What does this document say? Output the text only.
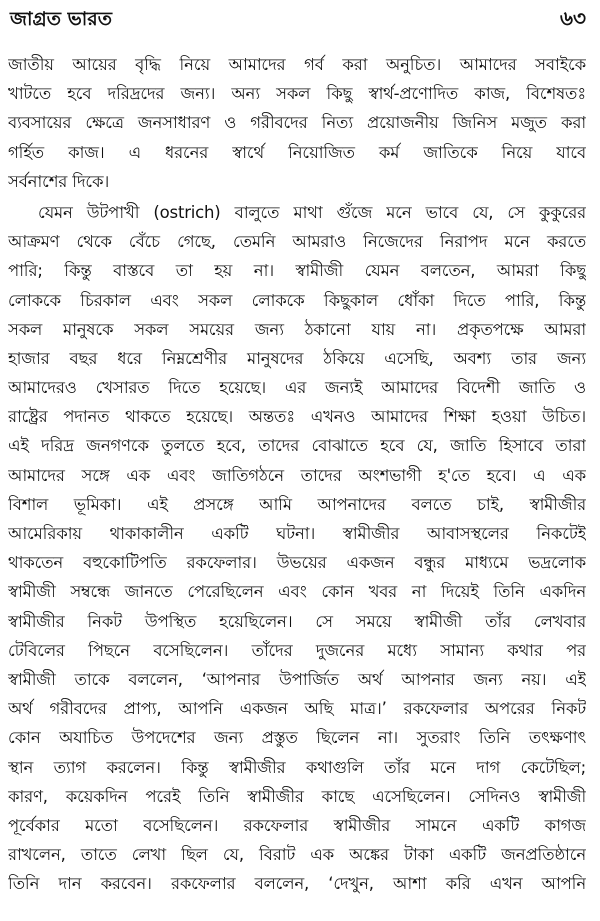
জাগ্রত ভারত	৬৩
জাতীয় আয়ের বৃদ্ধি নিয়ে আমাদের গর্ব করা অনুচিত। আমাদের সবাইকে
খাটতে হবে দরিদ্রদের জন্য। অন্য সকল কিছু স্বার্থ-প্রণোদিত কাজ, বিশেষতঃ
ব্যবসায়ের ক্ষেত্রে জনসাধারণ ও গরীবদের নিত্য প্রয়োজনীয় জিনিস মজুত করা
গর্হিত কাজ। এ ধরনের স্বার্থে নিয়োজিত কর্ম জাতিকে নিয়ে যাবে
সর্বনাশের দিকে।
যেমন উটপাখী (ostrich) বালুতে মাথা গুঁজে মনে ভাবে যে, সে কুকুরের
আক্রমণ থেকে বেঁচে গেছে, তেমনি আমরাও নিজেদের নিরাপদ মনে করতে
পারি; কিন্তু বাস্তবে তা হয় না। স্বামীজী যেমন বলতেন, আমরা কিছু
লোককে চিরকাল এবং সকল লোককে কিছুকাল ধোঁকা দিতে পারি, কিন্তু
সকল মানুষকে সকল সময়ের জন্য ঠকানো যায় না। প্রকৃতপক্ষে আমরা
হাজার বছর ধরে নিম্নশ্রেণীর মানুষদের ঠকিয়ে এসেছি, অবশ্য তার জন্য
আমাদেরও খেসারত দিতে হয়েছে। এর জন্যই আমাদের বিদেশী জাতি ও
রাষ্ট্রের পদানত থাকতে হয়েছে। অন্ততঃ এখনও আমাদের শিক্ষা হওয়া উচিত।
এই দরিদ্র জনগণকে তুলতে হবে, তাদের বোঝাতে হবে যে, জাতি হিসাবে তারা
আমাদের সঙ্গে এক এবং জাতিগঠনে তাদের অংশভাগী হ'তে হবে। এ এক
বিশাল ভূমিকা। এই প্রসঙ্গে আমি আপনাদের বলতে চাই, স্বামীজীর
আমেরিকায় থাকাকালীন একটি ঘটনা। স্বামীজীর আবাসস্থলের নিকটেই
থাকতেন বহুকোটিপতি রকফেলার। উভয়ের একজন বন্ধুর মাধ্যমে ভদ্রলোক
স্বামীজী সম্বন্ধে জানতে পেরেছিলেন এবং কোন খবর না দিয়েই তিনি একদিন
স্বামীজীর নিকট উপস্থিত হয়েছিলেন। সে সময়ে স্বামীজী তাঁর লেখবার
টেবিলের পিছনে বসেছিলেন। তাঁদের দুজনের মধ্যে সামান্য কথার পর
স্বামীজী তাকে বললেন, ‘আপনার উপার্জিত অর্থ আপনার জন্য নয়। এই
অর্থ গরীবদের প্রাপ্য, আপনি একজন অছি মাত্র।’ রকফেলার অপরের নিকট
কোন অযাচিত উপদেশের জন্য প্রস্তুত ছিলেন না। সুতরাং তিনি তৎক্ষণাৎ
স্থান ত্যাগ করলেন। কিন্তু স্বামীজীর কথাগুলি তাঁর মনে দাগ কেটেছিল;
কারণ, কয়েকদিন পরেই তিনি স্বামীজীর কাছে এসেছিলেন। সেদিনও স্বামীজী
পূর্বেকার মতো বসেছিলেন। রকফেলার স্বামীজীর সামনে একটি কাগজ
রাখলেন, তাতে লেখা ছিল যে, বিরাট এক অঙ্কের টাকা একটি জনপ্রতিষ্ঠানে
তিনি দান করবেন। রকফেলার বললেন, ‘দেখুন, আশা করি এখন আপনি
